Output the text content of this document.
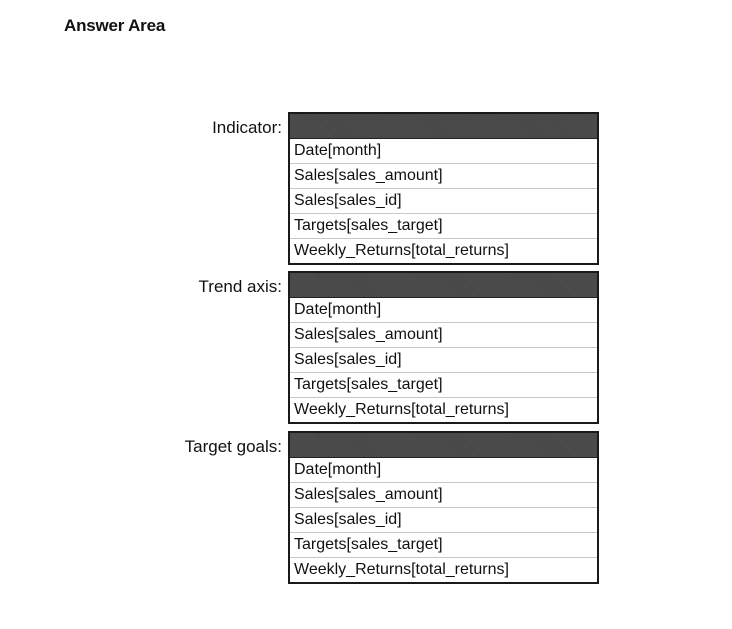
Answer Area
Indicator:
Date[month]
Sales[sales_amount]
Sales[sales_id]
Targets[sales_target]
Weekly_Returns[total_returns]
Trend axis:
Date[month]
Sales[sales_amount]
Sales[sales_id]
Targets[sales_target]
Weekly_Returns[total_returns]
Target goals:
Date[month]
Sales[sales_amount]
Sales[sales_id]
Targets[sales_target]
Weekly_Returns[total_returns]
